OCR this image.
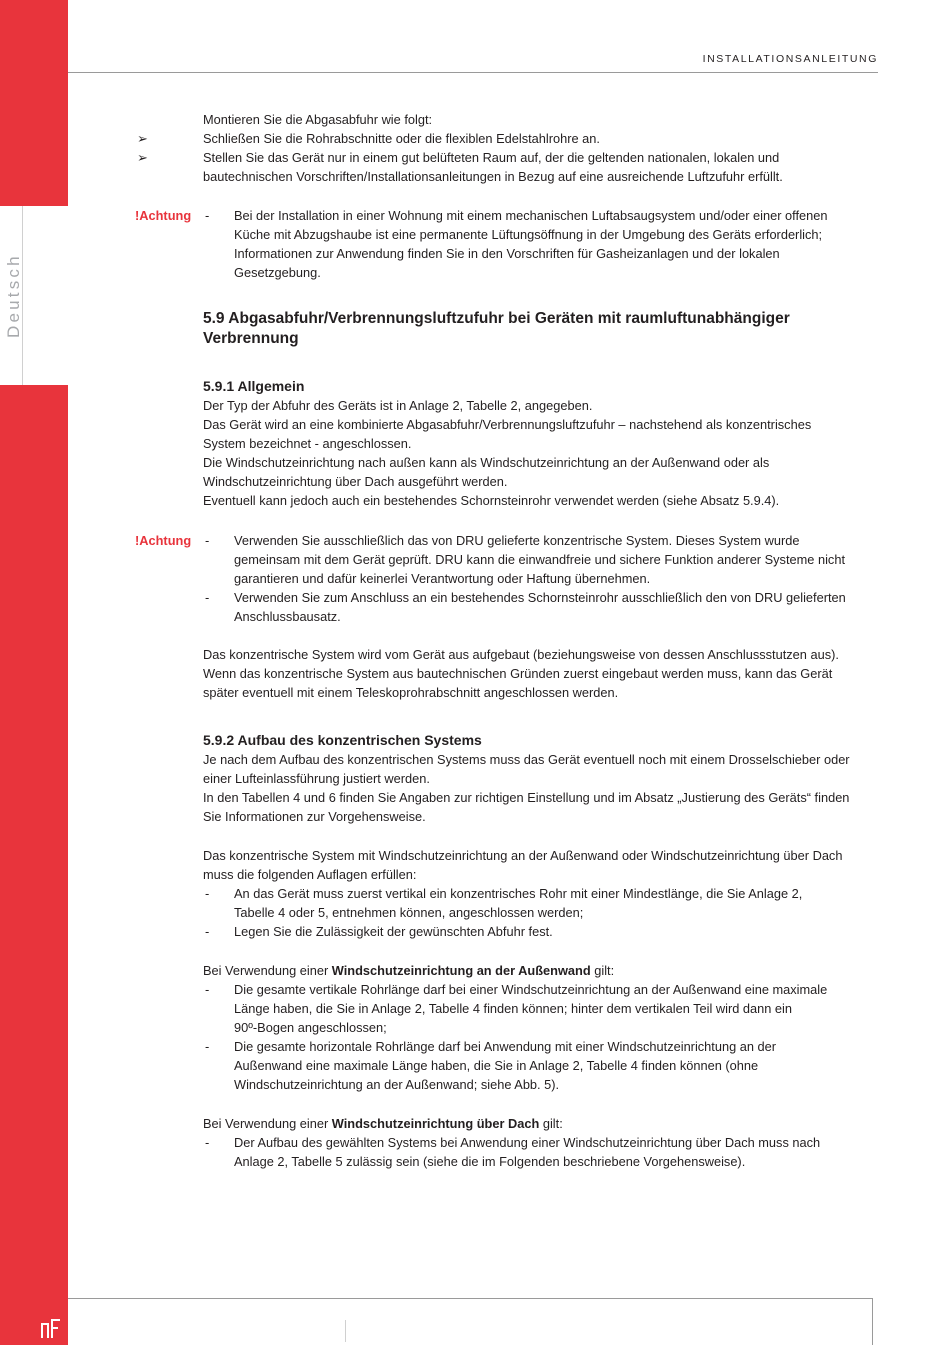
Deutsch
INSTALLATIONSANLEITUNG
Montieren Sie die Abgasabfuhr wie folgt:
➢	Schließen Sie die Rohrabschnitte oder die flexiblen Edelstahlrohre an.
➢	Stellen Sie das Gerät nur in einem gut belüfteten Raum auf, der die geltenden nationalen, lokalen und
bautechnischen Vorschriften/Installationsanleitungen in Bezug auf eine ausreichende Luftzufuhr erfüllt.
!Achtung - Bei der Installation in einer Wohnung mit einem mechanischen Luftabsaugsystem und/oder einer offenen
Küche mit Abzugshaube ist eine permanente Lüftungsöffnung in der Umgebung des Geräts erforderlich;
Informationen zur Anwendung finden Sie in den Vorschriften für Gasheizanlagen und der lokalen
Gesetzgebung.
5.9 Abgasabfuhr/Verbrennungsluftzufuhr bei Geräten mit raumluftunabhängiger
Verbrennung
5.9.1 Allgemein
Der Typ der Abfuhr des Geräts ist in Anlage 2, Tabelle 2, angegeben.
Das Gerät wird an eine kombinierte Abgasabfuhr/Verbrennungsluftzufuhr – nachstehend als konzentrisches
System bezeichnet - angeschlossen.
Die Windschutzeinrichtung nach außen kann als Windschutzeinrichtung an der Außenwand oder als
Windschutzeinrichtung über Dach ausgeführt werden.
Eventuell kann jedoch auch ein bestehendes Schornsteinrohr verwendet werden (siehe Absatz 5.9.4).
!Achtung - Verwenden Sie ausschließlich das von DRU gelieferte konzentrische System. Dieses System wurde
gemeinsam mit dem Gerät geprüft. DRU kann die einwandfreie und sichere Funktion anderer Systeme nicht
garantieren und dafür keinerlei Verantwortung oder Haftung übernehmen.
- Verwenden Sie zum Anschluss an ein bestehendes Schornsteinrohr ausschließlich den von DRU gelieferten
Anschlussbausatz.
Das konzentrische System wird vom Gerät aus aufgebaut (beziehungsweise von dessen Anschlussstutzen aus).
Wenn das konzentrische System aus bautechnischen Gründen zuerst eingebaut werden muss, kann das Gerät
später eventuell mit einem Teleskoprohrabschnitt angeschlossen werden.
5.9.2 Aufbau des konzentrischen Systems
Je nach dem Aufbau des konzentrischen Systems muss das Gerät eventuell noch mit einem Drosselschieber oder
einer Lufteinlassführung justiert werden.
In den Tabellen 4 und 6 finden Sie Angaben zur richtigen Einstellung und im Absatz „Justierung des Geräts“ finden
Sie Informationen zur Vorgehensweise.
Das konzentrische System mit Windschutzeinrichtung an der Außenwand oder Windschutzeinrichtung über Dach
muss die folgenden Auflagen erfüllen:
- An das Gerät muss zuerst vertikal ein konzentrisches Rohr mit einer Mindestlänge, die Sie Anlage 2,
Tabelle 4 oder 5, entnehmen können, angeschlossen werden;
- Legen Sie die Zulässigkeit der gewünschten Abfuhr fest.
Bei Verwendung einer Windschutzeinrichtung an der Außenwand gilt:
- Die gesamte vertikale Rohrlänge darf bei einer Windschutzeinrichtung an der Außenwand eine maximale
Länge haben, die Sie in Anlage 2, Tabelle 4 finden können; hinter dem vertikalen Teil wird dann ein
90º-Bogen angeschlossen;
- Die gesamte horizontale Rohrlänge darf bei Anwendung mit einer Windschutzeinrichtung an der
Außenwand eine maximale Länge haben, die Sie in Anlage 2, Tabelle 4 finden können (ohne
Windschutzeinrichtung an der Außenwand; siehe Abb. 5).
Bei Verwendung einer Windschutzeinrichtung über Dach gilt:
- Der Aufbau des gewählten Systems bei Anwendung einer Windschutzeinrichtung über Dach muss nach
Anlage 2, Tabelle 5 zulässig sein (siehe die im Folgenden beschriebene Vorgehensweise).
